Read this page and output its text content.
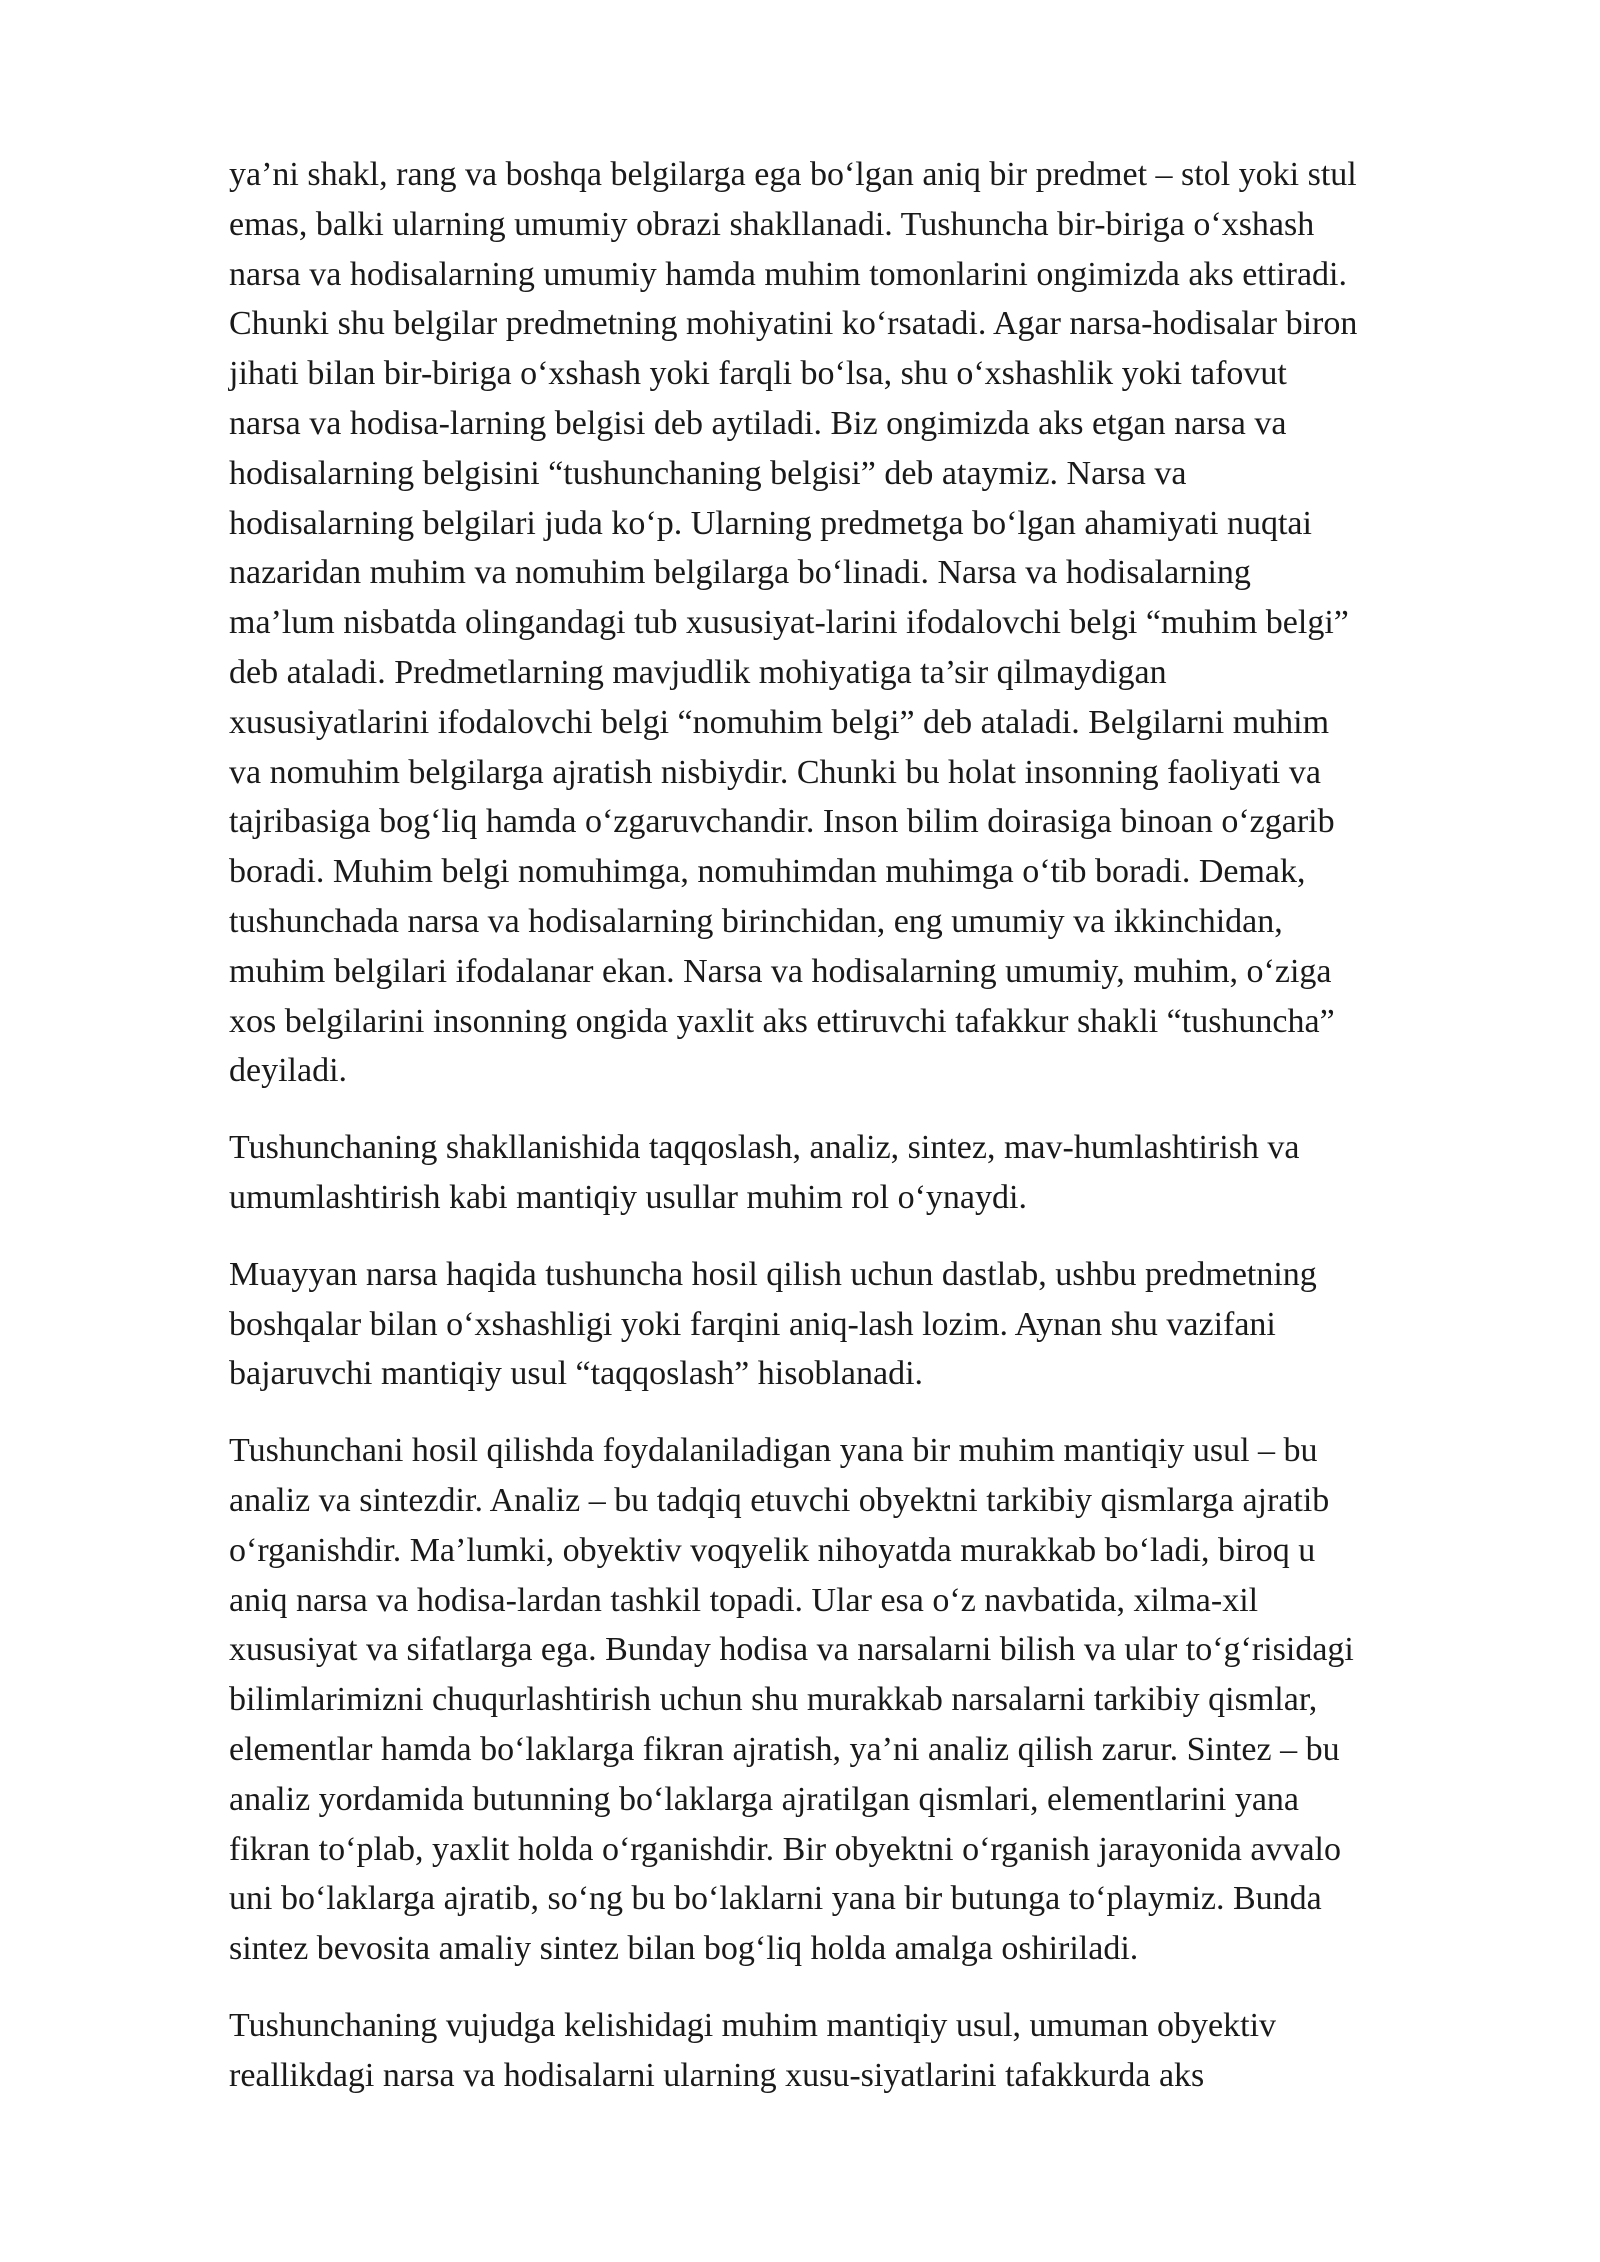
ya’ni shakl, rang va boshqa belgilarga ega bo‘lgan aniq bir predmet – stol yoki stul
emas, balki ularning umumiy obrazi shakllanadi. Tushuncha bir-biriga o‘xshash
narsa va hodisalarning umumiy hamda muhim tomonlarini ongimizda aks ettiradi.
Chunki shu belgilar predmetning mohiyatini ko‘rsatadi. Agar narsa-hodisalar biron
jihati bilan bir-biriga o‘xshash yoki farqli bo‘lsa, shu o‘xshashlik yoki tafovut
narsa va hodisa-larning belgisi deb aytiladi. Biz ongimizda aks etgan narsa va
hodisalarning belgisini “tushunchaning belgisi” deb ataymiz. Narsa va
hodisalarning belgilari juda ko‘p. Ularning predmetga bo‘lgan ahamiyati nuqtai
nazaridan muhim va nomuhim belgilarga bo‘linadi. Narsa va hodisalarning
ma’lum nisbatda olingandagi tub xususiyat-larini ifodalovchi belgi “muhim belgi”
deb ataladi. Predmetlarning mavjudlik mohiyatiga ta’sir qilmaydigan
xususiyatlarini ifodalovchi belgi “nomuhim belgi” deb ataladi. Belgilarni muhim
va nomuhim belgilarga ajratish nisbiydir. Chunki bu holat insonning faoliyati va
tajribasiga bog‘liq hamda o‘zgaruvchandir. Inson bilim doirasiga binoan o‘zgarib
boradi. Muhim belgi nomuhimga, nomuhimdan muhimga o‘tib boradi. Demak,
tushunchada narsa va hodisalarning birinchidan, eng umumiy va ikkinchidan,
muhim belgilari ifodalanar ekan. Narsa va hodisalarning umumiy, muhim, o‘ziga
xos belgilarini insonning ongida yaxlit aks ettiruvchi tafakkur shakli “tushuncha”
deyiladi.

Tushunchaning shakllanishida taqqoslash, analiz, sintez, mav-humlashtirish va
umumlashtirish kabi mantiqiy usullar muhim rol o‘ynaydi.

Muayyan narsa haqida tushuncha hosil qilish uchun dastlab, ushbu predmetning
boshqalar bilan o‘xshashligi yoki farqini aniq-lash lozim. Aynan shu vazifani
bajaruvchi mantiqiy usul “taqqoslash” hisoblanadi.

Tushunchani hosil qilishda foydalaniladigan yana bir muhim mantiqiy usul – bu
analiz va sintezdir. Analiz – bu tadqiq etuvchi obyektni tarkibiy qismlarga ajratib
o‘rganishdir. Ma’lumki, obyektiv voqyelik nihoyatda murakkab bo‘ladi, biroq u
aniq narsa va hodisa-lardan tashkil topadi. Ular esa o‘z navbatida, xilma-xil
xususiyat va sifatlarga ega. Bunday hodisa va narsalarni bilish va ular to‘g‘risidagi
bilimlarimizni chuqurlashtirish uchun shu murakkab narsalarni tarkibiy qismlar,
elementlar hamda bo‘laklarga fikran ajratish, ya’ni analiz qilish zarur. Sintez – bu
analiz yordamida butunning bo‘laklarga ajratilgan qismlari, elementlarini yana
fikran to‘plab, yaxlit holda o‘rganishdir. Bir obyektni o‘rganish jarayonida avvalo
uni bo‘laklarga ajratib, so‘ng bu bo‘laklarni yana bir butunga to‘playmiz. Bunda
sintez bevosita amaliy sintez bilan bog‘liq holda amalga oshiriladi.

Tushunchaning vujudga kelishidagi muhim mantiqiy usul, umuman obyektiv
reallikdagi narsa va hodisalarni ularning xusu-siyatlarini tafakkurda aks
